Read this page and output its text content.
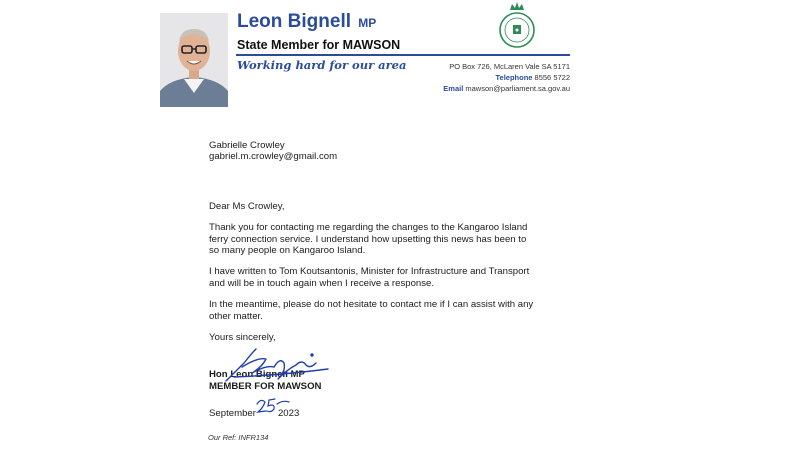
Leon Bignell MP
State Member for MAWSON
Working hard for our area	PO Box 726, McLaren Vale SA 5171
Telephone 8556 5722
Email mawson@parliament.sa.gov.au

Gabrielle Crowley
gabriel.m.crowley@gmail.com

Dear Ms Crowley,

Thank you for contacting me regarding the changes to the Kangaroo Island ferry connection service. I understand how upsetting this news has been to so many people on Kangaroo Island.

I have written to Tom Koutsantonis, Minister for Infrastructure and Transport and will be in touch again when I receive a response.

In the meantime, please do not hesitate to contact me if I can assist with any other matter.

Yours sincerely,

Hon Leon Bignell MP

MEMBER FOR MAWSON

September 2023

Our Ref: INFR134
